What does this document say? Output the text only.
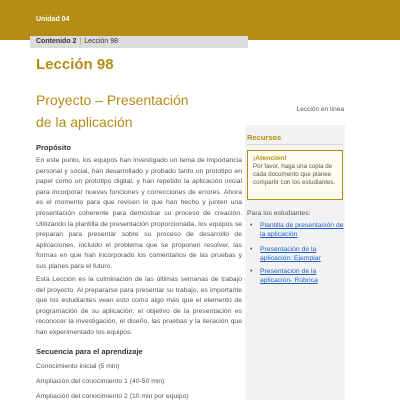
Unidad 04
Contenido 2 | Lección 98
Lección 98
Proyecto – Presentación
de la aplicación
Lección en línea
Propósito

En este punto, los equipos han investigado un tema de importancia personal y social, han desarrollado y probado tanto un prototipo en papel como un prototipo digital, y han repetido la aplicación inicial para incorporar nuevas funciones y correcciones de errores. Ahora es el momento para que revisen lo que han hecho y junten una presentación coherente para demostrar su proceso de creación. Utilizando la plantilla de presentación proporcionada, los equipos se preparan para presentar sobre su proceso de desarrollo de aplicaciones, incluido el problema que se proponen resolver, las formas en que han incorporado los comentarios de las pruebas y sus planes para el futuro.

Esta Lección es la culminación de las últimas semanas de trabajo del proyecto. Al prepararse para presentar su trabajo, es importante que los estudiantes vean esto como algo más que el elemento de programación de su aplicación: el objetivo de la presentación es reconocer la investigación, el diseño, las pruebas y la iteración que han experimentado los equipos.

Secuencia para el aprendizaje
Conocimiento inicial (5 min)
Ampliación del conocimiento 1 (40-50 min)
Ampliación del conocimiento 2 (10 min por equipo)
Recursos
¡Atención!
Por favor, haga una copia de cada documento que planee compartir con los estudiantes.
Para los estudiantes:
• Plantilla de presentación de la aplicación
• Presentación de la aplicación: Ejemplar
• Presentación de la aplicación- Rúbrica
